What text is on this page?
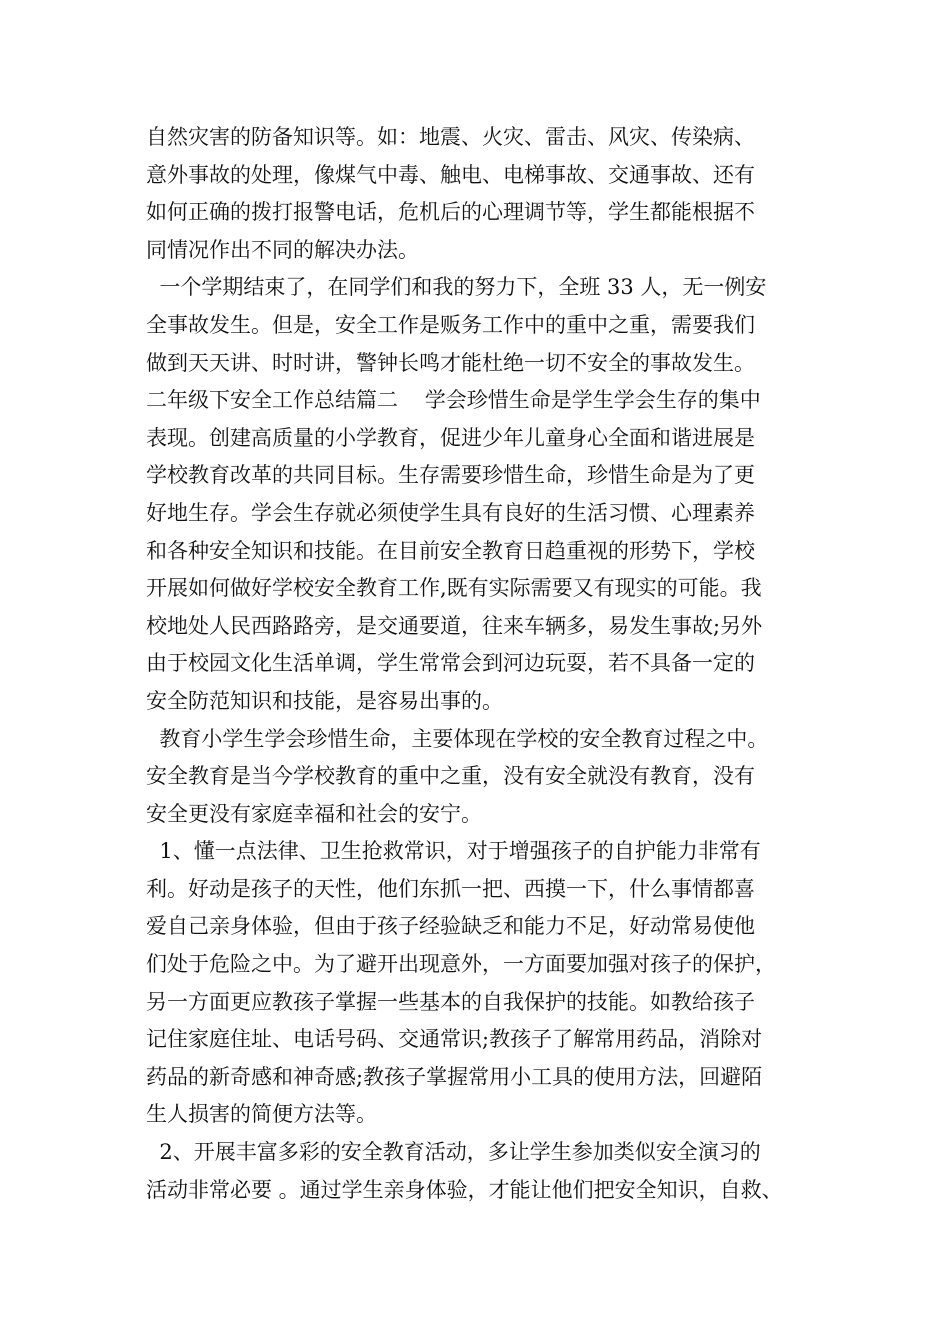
自然灾害的防备知识等。如：地震、火灾、雷击、风灾、传染病、
意外事故的处理，像煤气中毒、触电、电梯事故、交通事故、还有
如何正确的拨打报警电话，危机后的心理调节等，学生都能根据不
同情况作出不同的解决办法。
一个学期结束了，在同学们和我的努力下，全班 33 人，无一例安
全事故发生。但是，安全工作是贩务工作中的重中之重，需要我们
做到天天讲、时时讲，警钟长鸣才能杜绝一切不安全的事故发生。
二年级下安全工作总结篇二    学会珍惜生命是学生学会生存的集中
表现。创建高质量的小学教育，促进少年儿童身心全面和谐进展是
学校教育改革的共同目标。生存需要珍惜生命，珍惜生命是为了更
好地生存。学会生存就必须使学生具有良好的生活习惯、心理素养
和各种安全知识和技能。在目前安全教育日趋重视的形势下，学校
开展如何做好学校安全教育工作,既有实际需要又有现实的可能。我
校地处人民西路路旁，是交通要道，往来车辆多，易发生事故;另外
由于校园文化生活单调，学生常常会到河边玩耍，若不具备一定的
安全防范知识和技能，是容易出事的。
教育小学生学会珍惜生命，主要体现在学校的安全教育过程之中。
安全教育是当今学校教育的重中之重，没有安全就没有教育，没有
安全更没有家庭幸福和社会的安宁。
1、懂一点法律、卫生抢救常识，对于增强孩子的自护能力非常有
利。好动是孩子的天性，他们东抓一把、西摸一下，什么事情都喜
爱自己亲身体验，但由于孩子经验缺乏和能力不足，好动常易使他
们处于危险之中。为了避开出现意外，一方面要加强对孩子的保护，
另一方面更应教孩子掌握一些基本的自我保护的技能。如教给孩子
记住家庭住址、电话号码、交通常识;教孩子了解常用药品，消除对
药品的新奇感和神奇感;教孩子掌握常用小工具的使用方法，回避陌
生人损害的简便方法等。
2、开展丰富多彩的安全教育活动，多让学生参加类似安全演习的
活动非常必要 。通过学生亲身体验，才能让他们把安全知识，自救、
